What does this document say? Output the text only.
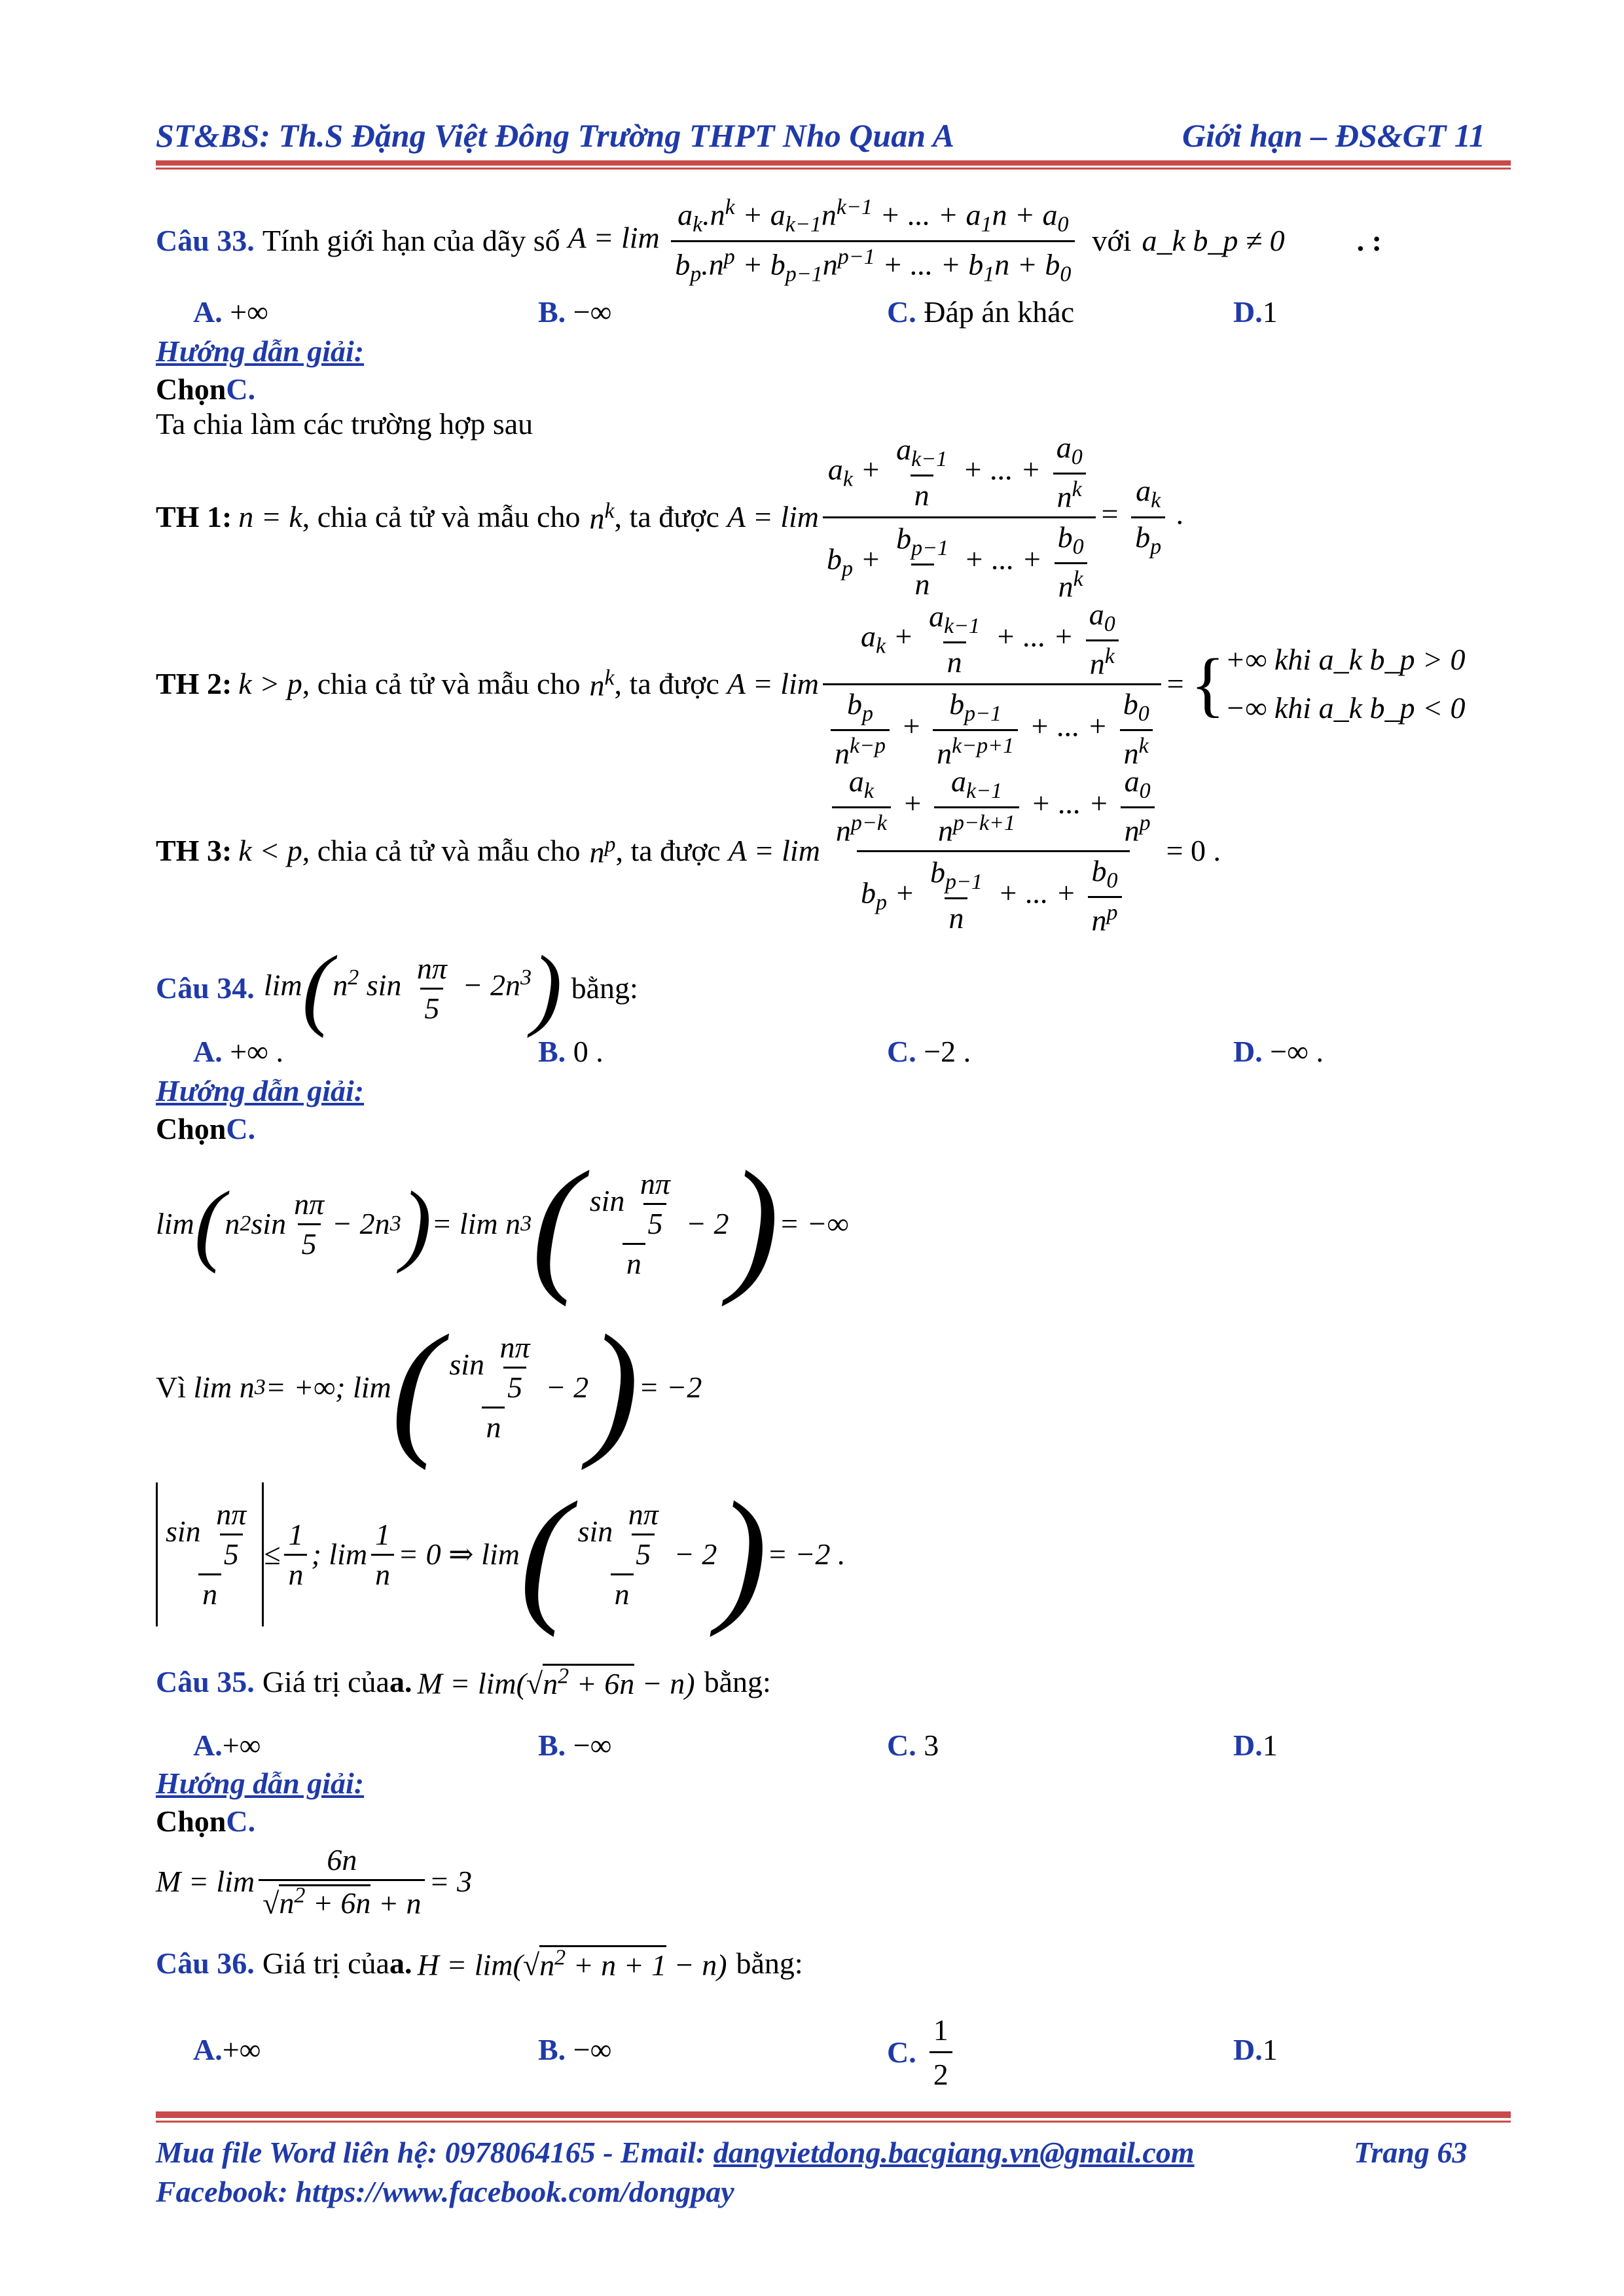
ST&BS: Th.S Đặng Việt Đông Trường THPT Nho Quan A	Giới hạn – ĐS&GT 11
Câu 33. Tính giới hạn của dãy số $A = \lim \frac{a_k.n^k + a_{k-1}n^{k-1} + ... + a_1n + a_0}{b_p.n^p + b_{p-1}n^{p-1} + ... + b_1n + b_0}$ với a_k b_p ≠ 0 . :
A. +∞	B. −∞	C. Đáp án khác	D.1
Hướng dẫn giải:
ChọnC.
Ta chia làm các trường hợp sau
TH 1: n = k , chia cả tử và mẫu cho $n^k$ , ta được $A = \lim \frac{a_k + \frac{a_{k-1}}{n} + ... + \frac{a_0}{n^k}}{b_p + \frac{b_{p-1}}{n} + ... + \frac{b_0}{n^k}} = \frac{a_k}{b_p}$ .
TH 2: k > p , chia cả tử và mẫu cho $n^k$ , ta được $A = \lim \frac{a_k + \frac{a_{k-1}}{n} + ... + \frac{a_0}{n^k}}{\frac{b_p}{n^{k-p}} + \frac{b_{p-1}}{n^{k-p+1}} + ... + \frac{b_0}{n^k}}$ = { +∞ khi a_k b_p > 0
−∞ khi a_k b_p < 0
TH 3: k < p , chia cả tử và mẫu cho $n^p$ , ta được $A = \lim \frac{\frac{a_k}{n^{p-k}} + \frac{a_{k-1}}{n^{p-k+1}} + ... + \frac{a_0}{n^p}}{b_p + \frac{b_{p-1}}{n} + ... + \frac{b_0}{n^p}} = 0$ .
Câu 34. $\lim(n^2$ $\sin \frac{n\pi}{5} - 2n^3$) bằng:
A. +∞ .	B. 0 .	C. −2 .	D. −∞ .
Hướng dẫn giải:
ChọnC.
lim ( n 2 $\sin \frac{n\pi}{5} - 2n$ 3 ) = lim n 3 ( $\frac{\sin \frac{n\pi}{5}}{n} - 2$ ) = −∞
Vì lim n 3 = +∞; lim ( $\frac{\sin \frac{n\pi}{5}}{n} - 2$ ) = −2
$\frac{\sin \frac{n\pi}{5}}{n} \le \frac{1}{n}$ ; $\lim \frac{1}{n} = 0$ ⇒ lim ( $\frac{\sin \frac{n\pi}{5}}{n} - 2$ ) = −2 .
Câu 35. Giá trị của a. $M = \lim(√n^2 + 6n - n)$ bằng:
A.+∞	B. −∞	C. 3	D.1
Hướng dẫn giải:
ChọnC.
$M = \lim \frac{6n}{√n^2 + 6n + n} = 3$
Câu 36. Giá trị của a. $H = \lim(√n^2 + n + 1 - n)$ bằng:
A.+∞	B. −∞	C. $\frac{1}{2}$	D.1
Mua file Word liên hệ: 0978064165 - Email: dangvietdong.bacgiang.vn@gmail.com	Trang 63
Facebook: https://www.facebook.com/dongpay
